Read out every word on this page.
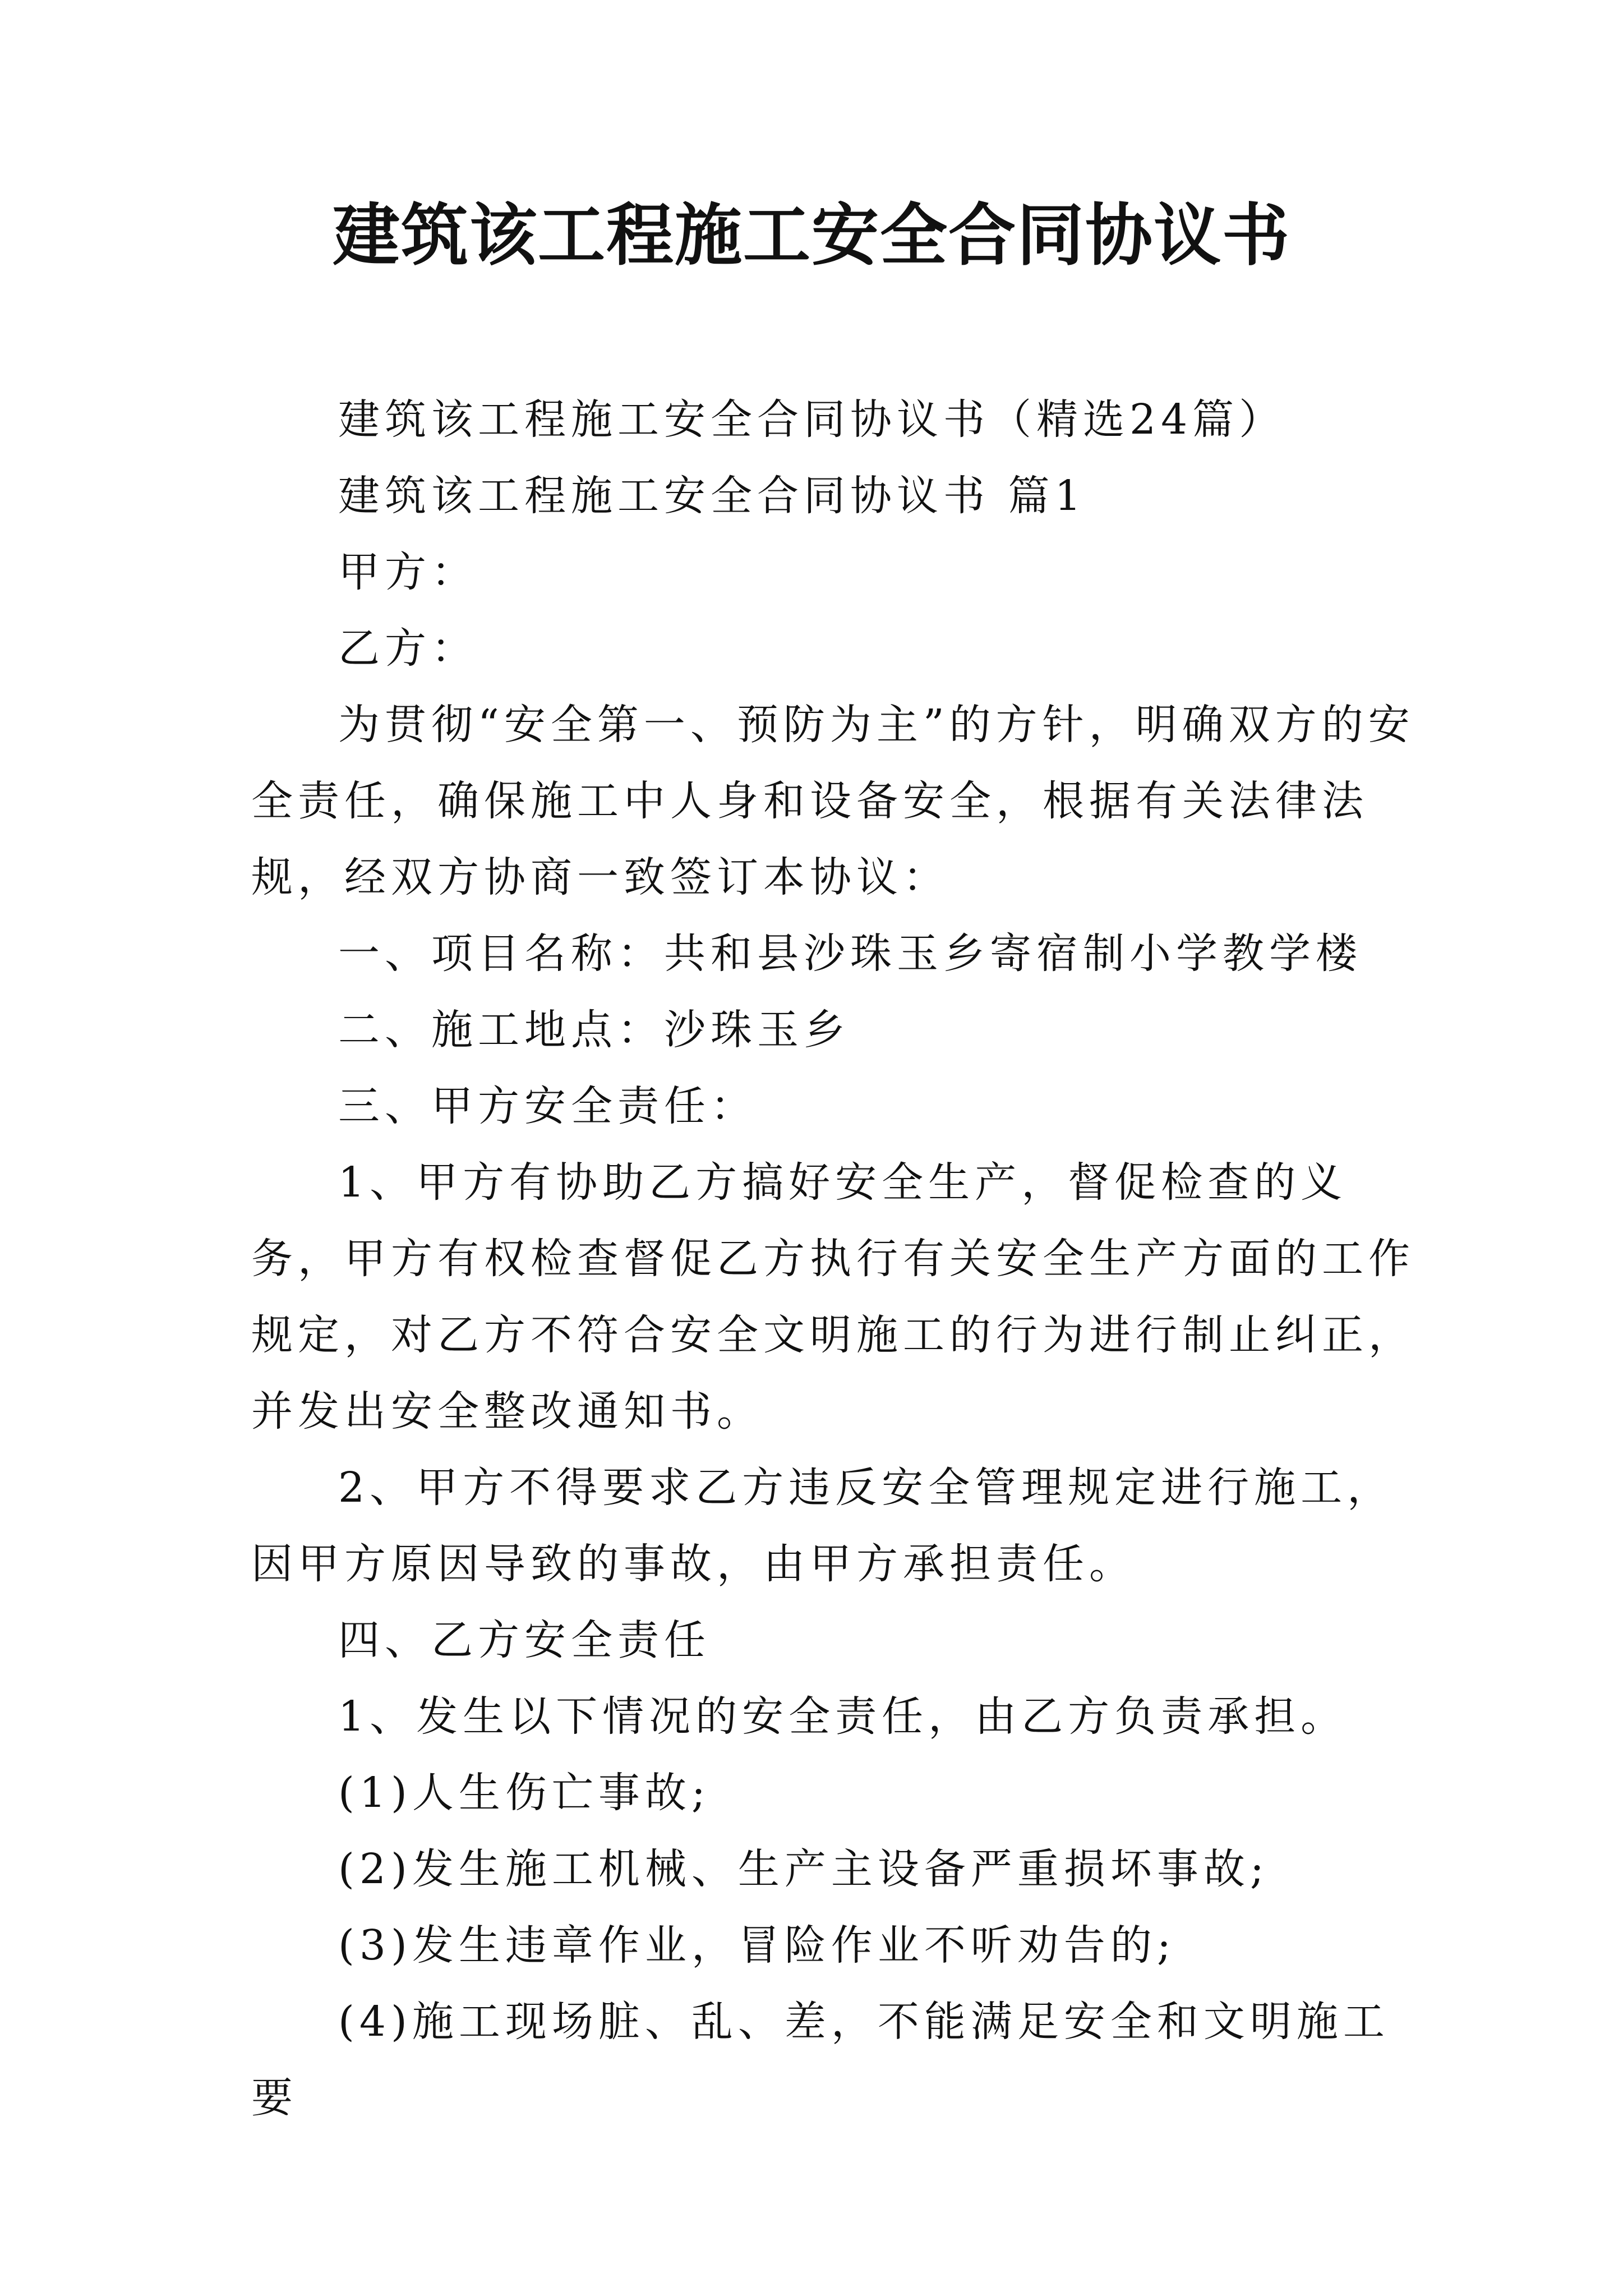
建筑该工程施工安全合同协议书

建筑该工程施工安全合同协议书（精选24篇）

建筑该工程施工安全合同协议书 篇1

甲方：

乙方：

为贯彻“安全第一、预防为主”的方针，明确双方的安全责任，确保施工中人身和设备安全，根据有关法律法规，经双方协商一致签订本协议：

一、项目名称：共和县沙珠玉乡寄宿制小学教学楼

二、施工地点：沙珠玉乡

三、甲方安全责任：

1、甲方有协助乙方搞好安全生产，督促检查的义务，甲方有权检查督促乙方执行有关安全生产方面的工作规定，对乙方不符合安全文明施工的行为进行制止纠正，并发出安全整改通知书。

2、甲方不得要求乙方违反安全管理规定进行施工，因甲方原因导致的事故，由甲方承担责任。

四、乙方安全责任

1、发生以下情况的安全责任，由乙方负责承担。

(1)人生伤亡事故;

(2)发生施工机械、生产主设备严重损坏事故;

(3)发生违章作业，冒险作业不听劝告的;

(4)施工现场脏、乱、差，不能满足安全和文明施工要
